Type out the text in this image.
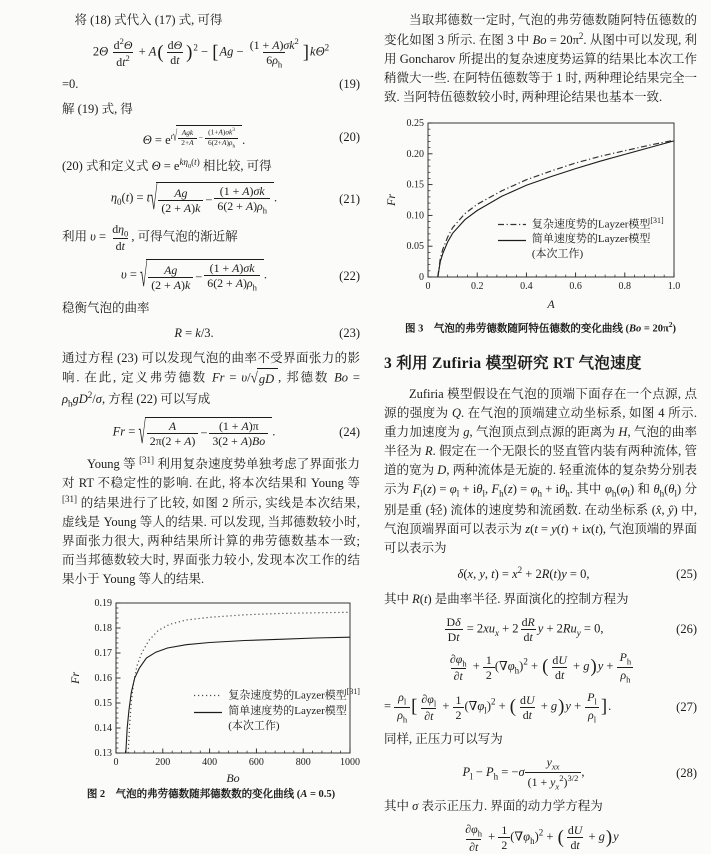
将 (18) 式代入 (17) 式, 可得

$2\Theta \frac{d^2\Theta}{dt^2} + A( \frac{d\Theta}{dt} )^2 - [Ag - \frac{(1 + A)\sigma k^2}{6\rho_h} ]k\Theta^2$
=0.	(19)

解 (19) 式, 得

$\Theta = e^{t √ Agk 2+A - (1+A)\sigma k^3 6(2+A)\rho_h}$ .	(20)

(20) 式和定义式 $\Theta = e^{k\eta_0(t)}$ 相比较, 可得

$\eta_0(t) = t$ √ Ag
(2 + A)k
−
(1 + A)σk
$6(2 + A)\rho_h$
.	(21)

利用 $\upsilon = \frac{d\eta_0}{dt}$ , 可得气泡的渐近解

υ = √ Ag
(2 + A)k
−
(1 + A)σk
$6(2 + A)\rho_h$
.	(22)

稳衡气泡的曲率

R = k/3.	(23)

通过方程 (23) 可以发现气泡的曲率不受界面张力的影响. 在此, 定义弗劳德数 Fr = υ/ √ gD , 邦德数 $Bo = \rho_hgD^2/\sigma$, 方程 (22) 可以写成

Fr =	√ A
2π(2 + A)
− (1 + A)π
3(2 + A)Bo
.	(24)

Young 等 [31] 利用复杂速度势单独考虑了界面张力对 RT 不稳定性的影响. 在此, 将本次结果和 Young 等 [31] 的结果进行了比较, 如图 2 所示, 实线是本次结果, 虚线是 Young 等人的结果. 可以发现, 当邦德数较小时, 界面张力很大, 两种结果所计算的弗劳德数基本一致; 而当邦德数较大时, 界面张力较小, 发现本次工作的结果小于 Young 等人的结果.

0	200	400	600	800	1000
0.13
0.14
0.15
0.16
0.17
0.18
0.19
Bo
Fr
复杂速度势的Layzer模型[31]
简单速度势的Layzer模型
(本次工作)
图 2 气泡的弗劳德数随邦德数数的变化曲线 (A = 0.5)

当取邦德数一定时, 气泡的弗劳德数随阿特伍德数的变化如图 3 所示. 在图 3 中 $Bo = 20\pi^2$. 从图中可以发现, 利用 Goncharov 所提出的复杂速度势运算的结果比本次工作稍微大一些. 在阿特伍德数等于 1 时, 两种理论结果完全一致. 当阿特伍德数较小时, 两种理论结果也基本一致.

0	0.2	0.4	0.6	0.8	1.0
0
0.05
0.10
0.15
0.20
0.25
A
Fr
复杂速度势的Layzer模型[31]
简单速度势的Layzer模型
(本次工作)
图 3 气泡的弗劳德数随阿特伍德数的变化曲线 $(Bo = 20\pi^2)$
3 利用 Zufiria 模型研究 RT 气泡速度

Zufiria 模型假设在气泡的顶端下面存在一个点源, 点源的强度为 Q. 在气泡的顶端建立动坐标系, 如图 4 所示. 重力加速度为 g, 气泡顶点到点源的距离为 H, 气泡的曲率半径为 R. 假定在一个无限长的竖直管内装有两种流体, 管道的宽为 D, 两种流体是无旋的. 轻重流体的复杂势分别表示为 $F_l(z) = \varphi_l + i\theta_l$, $F_h(z) = \varphi_h + i\theta_h$. 其中 $\varphi_h(\varphi_l)$ 和 $\theta_h(\theta_l)$ 分别是重 (轻) 流体的速度势和流函数. 在动坐标系 (x̂, ŷ) 中, 气泡顶端界面可以表示为 z(t = y(t) + ix(t), 气泡顶端的界面可以表示为

δ(x, y, $t) = x^2 + 2R(t)y = 0$,	(25)

其中 R(t) 是曲率半径. 界面演化的控制方程为

$\frac{D\delta}{Dt} = 2xu_x + 2 \frac{dR}{dt}$ $y + 2Ru_y = 0$,	(26)
$\frac{\partial\varphi_h}{\partial t} + \frac{1}{2} (\nabla\varphi_h)^2$ + ( $\frac{dU}{dt} + g)y + \frac{P_h}{\rho_h}$
= $\frac{\rho_l}{\rho_h}$ [ $\frac{\partial\varphi_l}{\partial t} + \frac{1}{2} (\nabla\varphi_l)^2$ + ( $\frac{dU}{dt} + g)y + \frac{P_l}{\rho_l}$ ].	(27)

同样, 正压力可以写为

$P_l - P_h = -\sigma$
$y_{xx}$
$(1 + y_x^2)^{3/2}$ ,	(28)

其中 σ 表示正压力. 界面的动力学方程为

$\frac{\partial\varphi_h}{\partial t} + \frac{1}{2} (\nabla\varphi_h)^2$ + ( $\frac{dU}{dt} + g)y$
